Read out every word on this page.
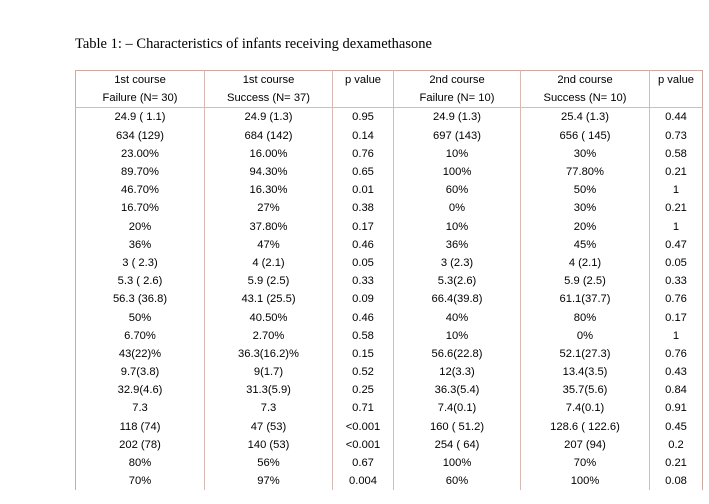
Table 1: – Characteristics of infants receiving dexamethasone
1st course	1st course	p value	2nd course	2nd course	p value
Failure (N= 30)	Success (N= 37)		Failure (N= 10)	Success (N= 10)	
24.9 ( 1.1)	24.9 (1.3)	0.95	24.9 (1.3)	25.4 (1.3)	0.44
634 (129)	684 (142)	0.14	697 (143)	656 ( 145)	0.73
23.00%	16.00%	0.76	10%	30%	0.58
89.70%	94.30%	0.65	100%	77.80%	0.21
46.70%	16.30%	0.01	60%	50%	1
16.70%	27%	0.38	0%	30%	0.21
20%	37.80%	0.17	10%	20%	1
36%	47%	0.46	36%	45%	0.47
3 ( 2.3)	4 (2.1)	0.05	3 (2.3)	4 (2.1)	0.05
5.3 ( 2.6)	5.9 (2.5)	0.33	5.3(2.6)	5.9 (2.5)	0.33
56.3 (36.8)	43.1 (25.5)	0.09	66.4(39.8)	61.1(37.7)	0.76
50%	40.50%	0.46	40%	80%	0.17
6.70%	2.70%	0.58	10%	0%	1
43(22)%	36.3(16.2)%	0.15	56.6(22.8)	52.1(27.3)	0.76
9.7(3.8)	9(1.7)	0.52	12(3.3)	13.4(3.5)	0.43
32.9(4.6)	31.3(5.9)	0.25	36.3(5.4)	35.7(5.6)	0.84
7.3	7.3	0.71	7.4(0.1)	7.4(0.1)	0.91
118 (74)	47 (53)	<0.001	160 ( 51.2)	128.6 ( 122.6)	0.45
202 (78)	140 (53)	<0.001	254 ( 64)	207 (94)	0.2
80%	56%	0.67	100%	70%	0.21
70%	97%	0.004	60%	100%	0.08
